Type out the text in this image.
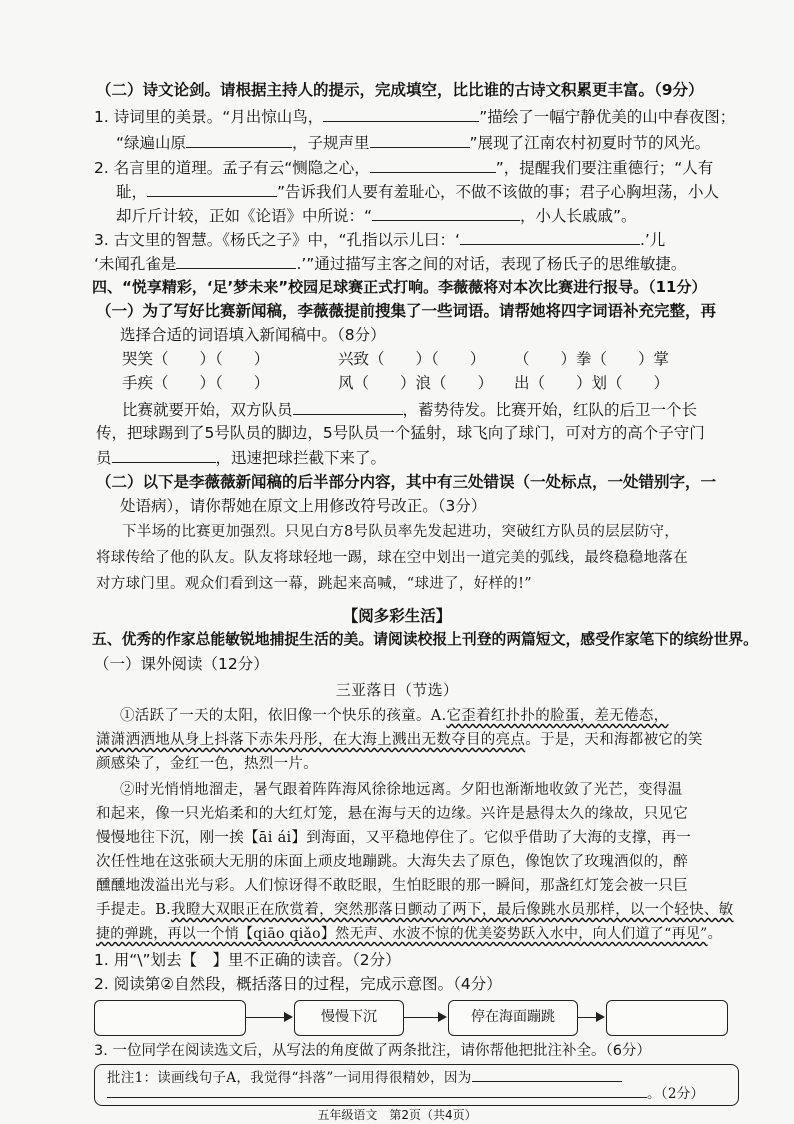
（二）诗文论剑。请根据主持人的提示，完成填空，比比谁的古诗文积累更丰富。（9分）
1. 诗词里的美景。“月出惊山鸟，	”描绘了一幅宁静优美的山中春夜图；
“绿遍山原	，子规声里	”展现了江南农村初夏时节的风光。
2. 名言里的道理。孟子有云“恻隐之心，	”，提醒我们要注重德行；“人有
耻，	”告诉我们人要有羞耻心，不做不该做的事；君子心胸坦荡，小人
却斤斤计较，正如《论语》中所说：“	，小人长戚戚”。
3. 古文里的智慧。《杨氏之子》中，“孔指以示儿曰：‘	.’儿
‘未闻孔雀是	.’”通过描写主客之间的对话，表现了杨氏子的思维敏捷。
四、“悦享精彩，‘足’梦未来”校园足球赛正式打响。李薇薇将对本次比赛进行报导。（11分）
（一）为了写好比赛新闻稿，李薇薇提前搜集了一些词语。请帮她将四字词语补充完整，再
选择合适的词语填入新闻稿中。（8分）
哭笑（　　）（　　）	兴致（　　）（　　） （　　）拳（　　）掌
手疾（　　）（　　）	风（　　）浪（　　） 出（　　）划（　　）
比赛就要开始，双方队员	，蓄势待发。比赛开始，红队的后卫一个长
传，把球踢到了5号队员的脚边，5号队员一个猛射，球飞向了球门，可对方的高个子守门
员	，迅速把球拦截下来了。
（二）以下是李薇薇新闻稿的后半部分内容，其中有三处错误（一处标点，一处错别字，一
处语病），请你帮她在原文上用修改符号改正。（3分）
下半场的比赛更加强烈。只见白方8号队员率先发起进功，突破红方队员的层层防守，
将球传给了他的队友。队友将球轻地一踢，球在空中划出一道完美的弧线，最终稳稳地落在
对方球门里。观众们看到这一幕，跳起来高喊，“球进了，好样的!”
【阅多彩生活】
五、优秀的作家总能敏锐地捕捉生活的美。请阅读校报上刊登的两篇短文，感受作家笔下的缤纷世界。
（一）课外阅读（12分）
三亚落日（节选）
①活跃了一天的太阳，依旧像一个快乐的孩童。A.它歪着红扑扑的脸蛋，差无倦态，
潇潇洒洒地从身上抖落下赤朱丹彤，在大海上溅出无数夺目的亮点。于是，天和海都被它的笑
颜感染了，金红一色，热烈一片。
②时光悄悄地溜走，暑气跟着阵阵海风徐徐地远离。夕阳也渐渐地收敛了光芒，变得温
和起来，像一只光焰柔和的大红灯笼，悬在海与天的边缘。兴许是悬得太久的缘故，只见它
慢慢地往下沉，刚一挨【āi ái】到海面，又平稳地停住了。它似乎借助了大海的支撑，再一
次任性地在这张硕大无朋的床面上顽皮地蹦跳。大海失去了原色，像饱饮了玫瑰酒似的，醉
醺醺地泼溢出光与彩。人们惊讶得不敢眨眼，生怕眨眼的那一瞬间，那盏红灯笼会被一只巨
手提走。B.我瞪大双眼正在欣赏着，突然那落日颤动了两下，最后像跳水员那样，以一个轻快、敏
捷的弹跳，再以一个悄【qiāo qiǎo】然无声、水波不惊的优美姿势跃入水中，向人们道了“再见”。
1. 用“\”划去【　】里不正确的读音。（2分）
2. 阅读第②自然段，概括落日的过程，完成示意图。（4分）
慢慢下沉	停在海面蹦跳
3. 一位同学在阅读选文后，从写法的角度做了两条批注，请你帮他把批注补全。（6分）
批注1：读画线句子A，我觉得“抖落”一词用得很精妙，因为
。（2分）
五年级语文　第2页（共4页）
